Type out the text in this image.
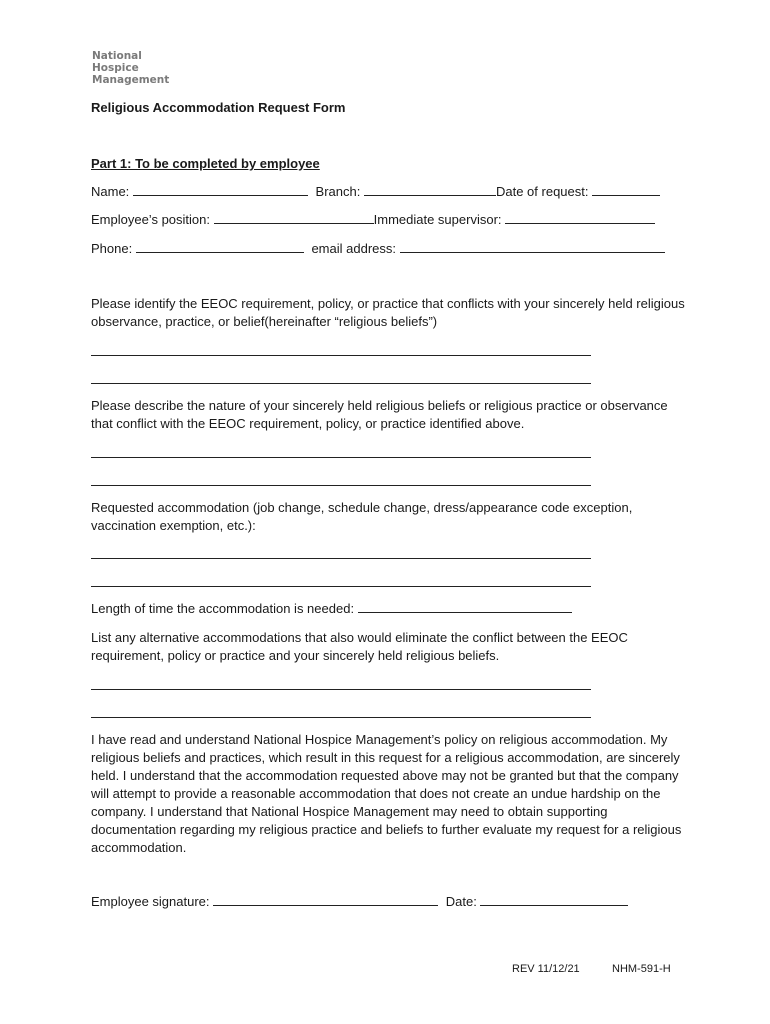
National
Hospice
Management
Religious Accommodation Request Form
Part 1: To be completed by employee
Name:	Branch:	Date of request:
Employee’s position:	Immediate supervisor:
Phone:	email address:
Please identify the EEOC requirement, policy, or practice that conflicts with your sincerely held religious observance, practice, or belief(hereinafter “religious beliefs”)
Please describe the nature of your sincerely held religious beliefs or religious practice or observance that conflict with the EEOC requirement, policy, or practice identified above.
Requested accommodation (job change, schedule change, dress/appearance code exception, vaccination exemption, etc.):
Length of time the accommodation is needed:
List any alternative accommodations that also would eliminate the conflict between the EEOC requirement, policy or practice and your sincerely held religious beliefs.
I have read and understand National Hospice Management’s policy on religious accommodation. My religious beliefs and practices, which result in this request for a religious accommodation, are sincerely held. I understand that the accommodation requested above may not be granted but that the company will attempt to provide a reasonable accommodation that does not create an undue hardship on the company. I understand that National Hospice Management may need to obtain supporting documentation regarding my religious practice and beliefs to further evaluate my request for a religious accommodation.
Employee signature:	Date:
REV 11/12/21	NHM-591-H
